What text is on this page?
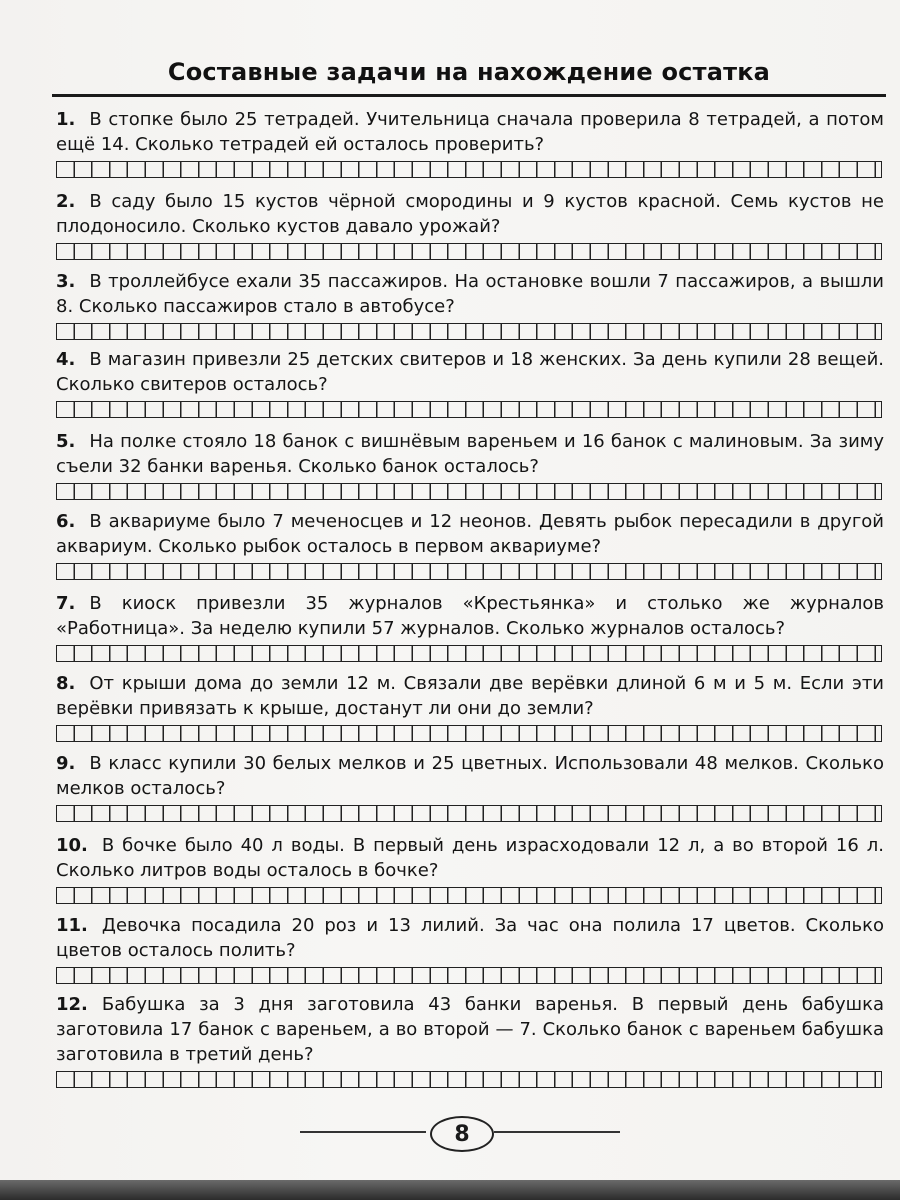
Составные задачи на нахождение остатка

1. В стопке было 25 тетрадей. Учительница сначала проверила 8 тетрадей, а потом ещё 14. Сколько тетрадей ей осталось проверить?

2. В саду было 15 кустов чёрной смородины и 9 кустов красной. Семь кустов не плодоносило. Сколько кустов давало урожай?

3. В троллейбусе ехали 35 пассажиров. На остановке вошли 7 пассажиров, а вышли 8. Сколько пассажиров стало в автобусе?

4. В магазин привезли 25 детских свитеров и 18 женских. За день купили 28 вещей. Сколько свитеров осталось?

5. На полке стояло 18 банок с вишнёвым вареньем и 16 банок с малиновым. За зиму съели 32 банки варенья. Сколько банок осталось?

6. В аквариуме было 7 меченосцев и 12 неонов. Девять рыбок пересадили в другой аквариум. Сколько рыбок осталось в первом аквариуме?

7. В киоск привезли 35 журналов «Крестьянка» и столько же журналов «Работница». За неделю купили 57 журналов. Сколько журналов осталось?

8. От крыши дома до земли 12 м. Связали две верёвки длиной 6 м и 5 м. Если эти верёвки привязать к крыше, достанут ли они до земли?

9. В класс купили 30 белых мелков и 25 цветных. Использовали 48 мелков. Сколько мелков осталось?

10. В бочке было 40 л воды. В первый день израсходовали 12 л, а во второй 16 л. Сколько литров воды осталось в бочке?

11. Девочка посадила 20 роз и 13 лилий. За час она полила 17 цветов. Сколько цветов осталось полить?

12. Бабушка за 3 дня заготовила 43 банки варенья. В первый день бабушка заготовила 17 банок с вареньем, а во второй — 7. Сколько банок с вареньем бабушка заготовила в третий день?

8
